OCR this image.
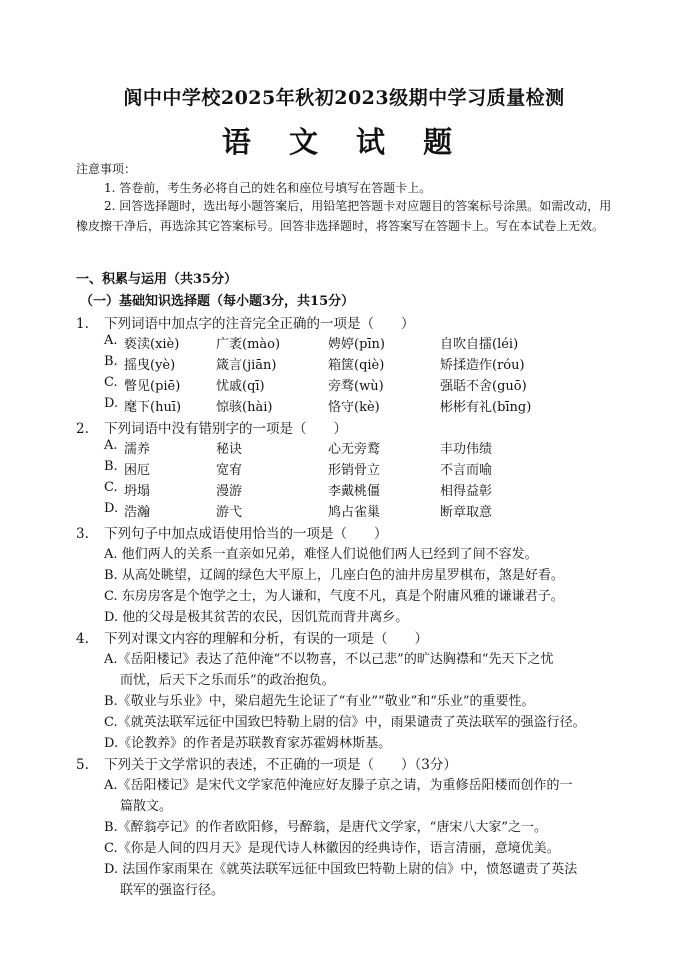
阆中中学校2025年秋初2023级期中学习质量检测
语 文 试 题
注意事项：
1. 答卷前，考生务必将自己的姓名和座位号填写在答题卡上。
2. 回答选择题时，选出每小题答案后，用铅笔把答题卡对应题目的答案标号涂黑。如需改动，用橡皮擦干净后，再选涂其它答案标号。回答非选择题时，将答案写在答题卡上。写在本试卷上无效。
一、积累与运用（共35分）
（一）基础知识选择题（每小题3分，共15分）
1. 下列词语中加点字的注音完全正确的一项是（　　）
A. 亵渎(xiè)	广袤(mào)	娉婷(pīn)	自吹自擂(léi)
B. 摇曳(yè)	箴言(jiān)	箱箧(qiè)	矫揉造作(róu)
C. 瞥见(piē)	忧戚(qī)	旁骛(wù)	强聒不舍(guō)
D. 麾下(huī)	惊骇(hài)	恪守(kè)	彬彬有礼(bīng)
2. 下列词语中没有错别字的一项是（　　）
A. 濡养	秘诀	心无旁鹜	丰功伟绩
B. 困厄	宽宥	形销骨立	不言而喻
C. 坍塌	漫游	李戴桃僵	相得益彰
D. 浩瀚	游弋	鸠占雀巢	断章取意
3. 下列句子中加点成语使用恰当的一项是（　　）
A. 他们两人的关系一直亲如兄弟，难怪人们说他们两人已经到了间不容发。
B. 从高处眺望，辽阔的绿色大平原上，几座白色的油井房星罗棋布，煞是好看。
C. 东房房客是个饱学之士，为人谦和，气度不凡，真是个附庸风雅的谦谦君子。
D. 他的父母是极其贫苦的农民，因饥荒而背井离乡。
4. 下列对课文内容的理解和分析，有误的一项是（　　）
A.《岳阳楼记》表达了范仲淹“不以物喜，不以己悲”的旷达胸襟和“先天下之忧
而忧，后天下之乐而乐”的政治抱负。
B.《敬业与乐业》中，梁启超先生论证了“有业”“敬业”和“乐业”的重要性。
C.《就英法联军远征中国致巴特勒上尉的信》中，雨果谴责了英法联军的强盗行径。
D.《论教养》的作者是苏联教育家苏霍姆林斯基。
5. 下列关于文学常识的表述，不正确的一项是（　　）（3分）
A.《岳阳楼记》是宋代文学家范仲淹应好友滕子京之请，为重修岳阳楼而创作的一
篇散文。
B.《醉翁亭记》的作者欧阳修，号醉翁，是唐代文学家，“唐宋八大家”之一。
C.《你是人间的四月天》是现代诗人林徽因的经典诗作，语言清丽，意境优美。
D. 法国作家雨果在《就英法联军远征中国致巴特勒上尉的信》中，愤怒谴责了英法
联军的强盗行径。
